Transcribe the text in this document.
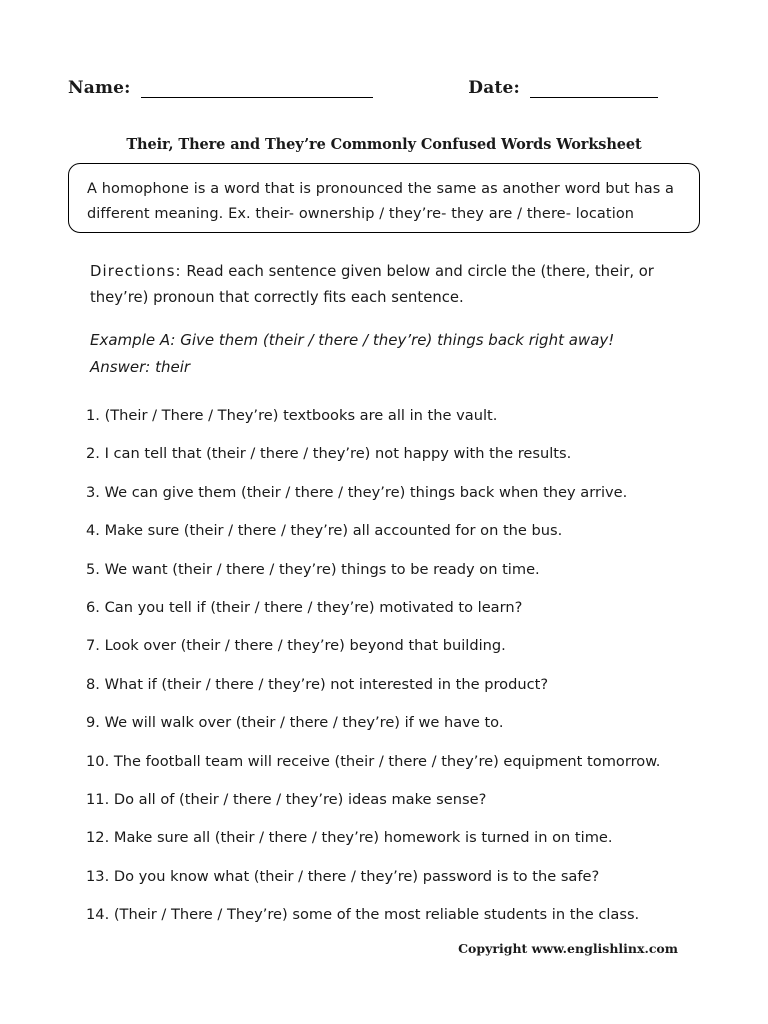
Name:	Date:
Their, There and They’re Commonly Confused Words Worksheet
A homophone is a word that is pronounced the same as another word but has a different meaning. Ex. their- ownership / they’re- they are / there- location
Directions: Read each sentence given below and circle the (there, their, or they’re) pronoun that correctly fits each sentence.
Example A: Give them (their / there / they’re) things back right away!
Answer: their
1. (Their / There / They’re) textbooks are all in the vault.
2. I can tell that (their / there / they’re) not happy with the results.
3. We can give them (their / there / they’re) things back when they arrive.
4. Make sure (their / there / they’re) all accounted for on the bus.
5. We want (their / there / they’re) things to be ready on time.
6. Can you tell if (their / there / they’re) motivated to learn?
7. Look over (their / there / they’re) beyond that building.
8. What if (their / there / they’re) not interested in the product?
9. We will walk over (their / there / they’re) if we have to.
10. The football team will receive (their / there / they’re) equipment tomorrow.
11. Do all of (their / there / they’re) ideas make sense?
12. Make sure all (their / there / they’re) homework is turned in on time.
13. Do you know what (their / there / they’re) password is to the safe?
14. (Their / There / They’re) some of the most reliable students in the class.
Copyright www.englishlinx.com
